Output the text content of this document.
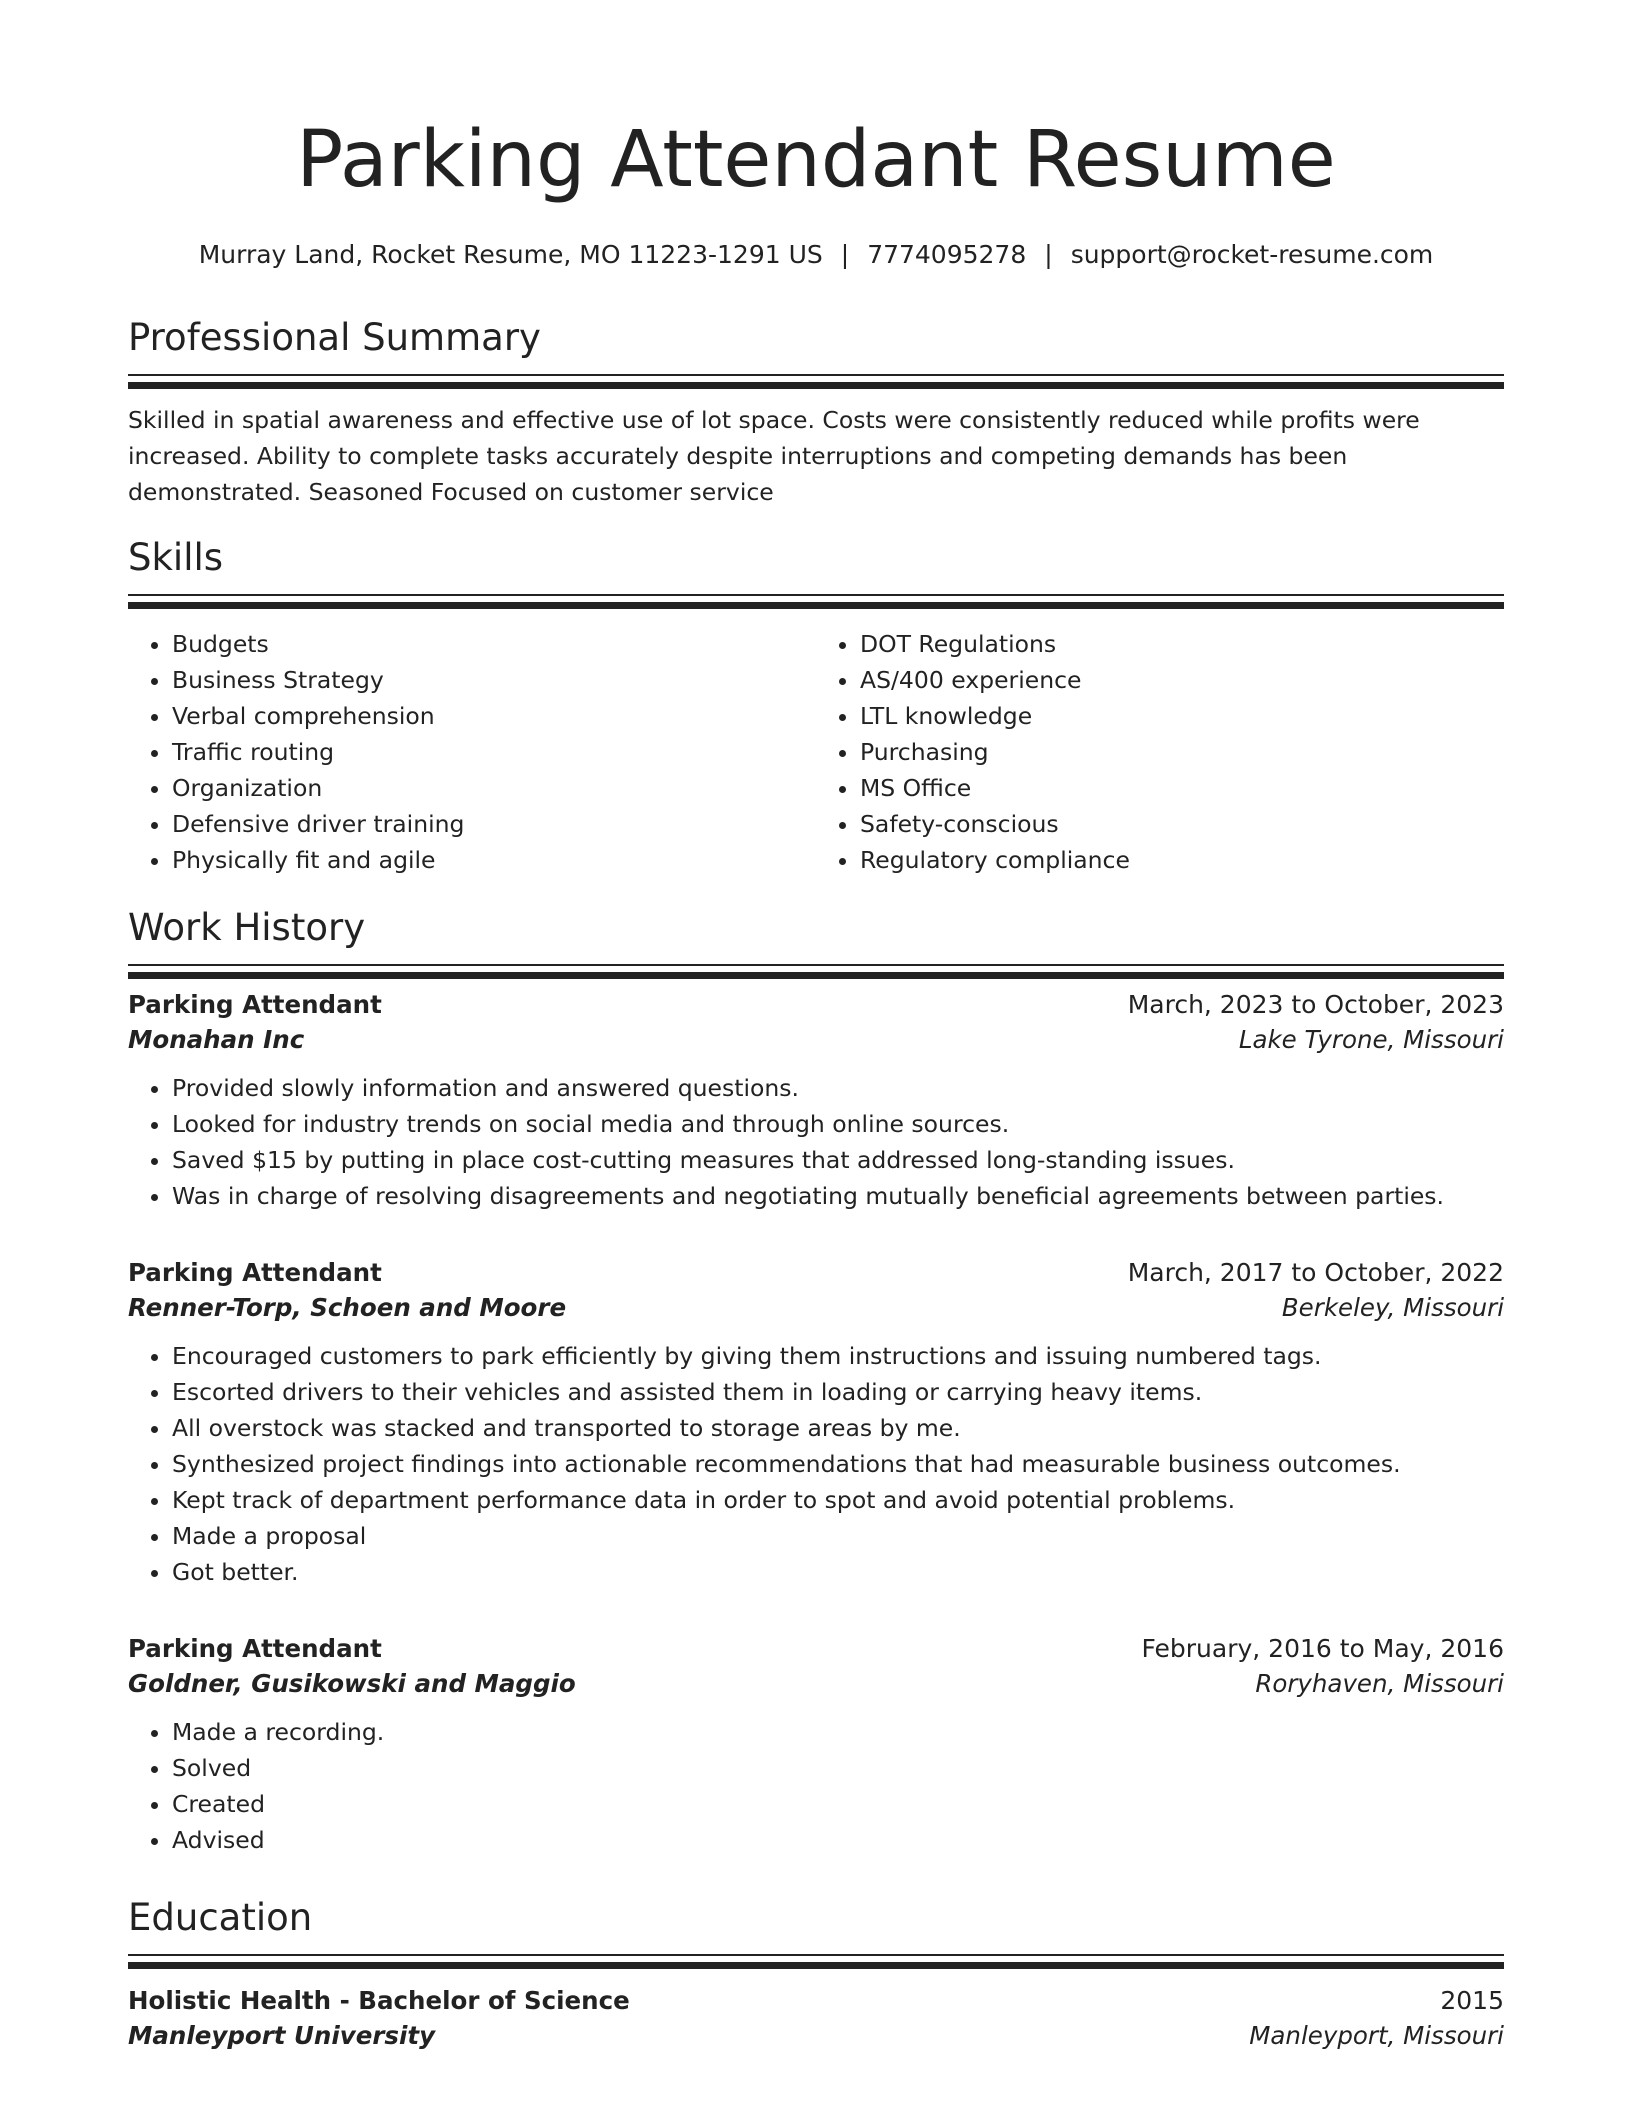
Parking Attendant Resume
Murray Land, Rocket Resume, MO 11223-1291 US | 7774095278 | support@rocket-resume.com
Professional Summary
Skilled in spatial awareness and effective use of lot space. Costs were consistently reduced while profits were increased. Ability to complete tasks accurately despite interruptions and competing demands has been demonstrated. Seasoned Focused on customer service
Skills
• Budgets
• Business Strategy
• Verbal comprehension
• Traffic routing
• Organization
• Defensive driver training
• Physically fit and agile
• DOT Regulations
• AS/400 experience
• LTL knowledge
• Purchasing
• MS Office
• Safety-conscious
• Regulatory compliance
Work History
Parking Attendant	March, 2023 to October, 2023
Monahan Inc	Lake Tyrone, Missouri
• Provided slowly information and answered questions.
• Looked for industry trends on social media and through online sources.
• Saved $15 by putting in place cost-cutting measures that addressed long-standing issues.
• Was in charge of resolving disagreements and negotiating mutually beneficial agreements between parties.
Parking Attendant	March, 2017 to October, 2022
Renner-Torp, Schoen and Moore	Berkeley, Missouri
• Encouraged customers to park efficiently by giving them instructions and issuing numbered tags.
• Escorted drivers to their vehicles and assisted them in loading or carrying heavy items.
• All overstock was stacked and transported to storage areas by me.
• Synthesized project findings into actionable recommendations that had measurable business outcomes.
• Kept track of department performance data in order to spot and avoid potential problems.
• Made a proposal
• Got better.
Parking Attendant	February, 2016 to May, 2016
Goldner, Gusikowski and Maggio	Roryhaven, Missouri
• Made a recording.
• Solved
• Created
• Advised
Education
Holistic Health - Bachelor of Science	2015
Manleyport University	Manleyport, Missouri
